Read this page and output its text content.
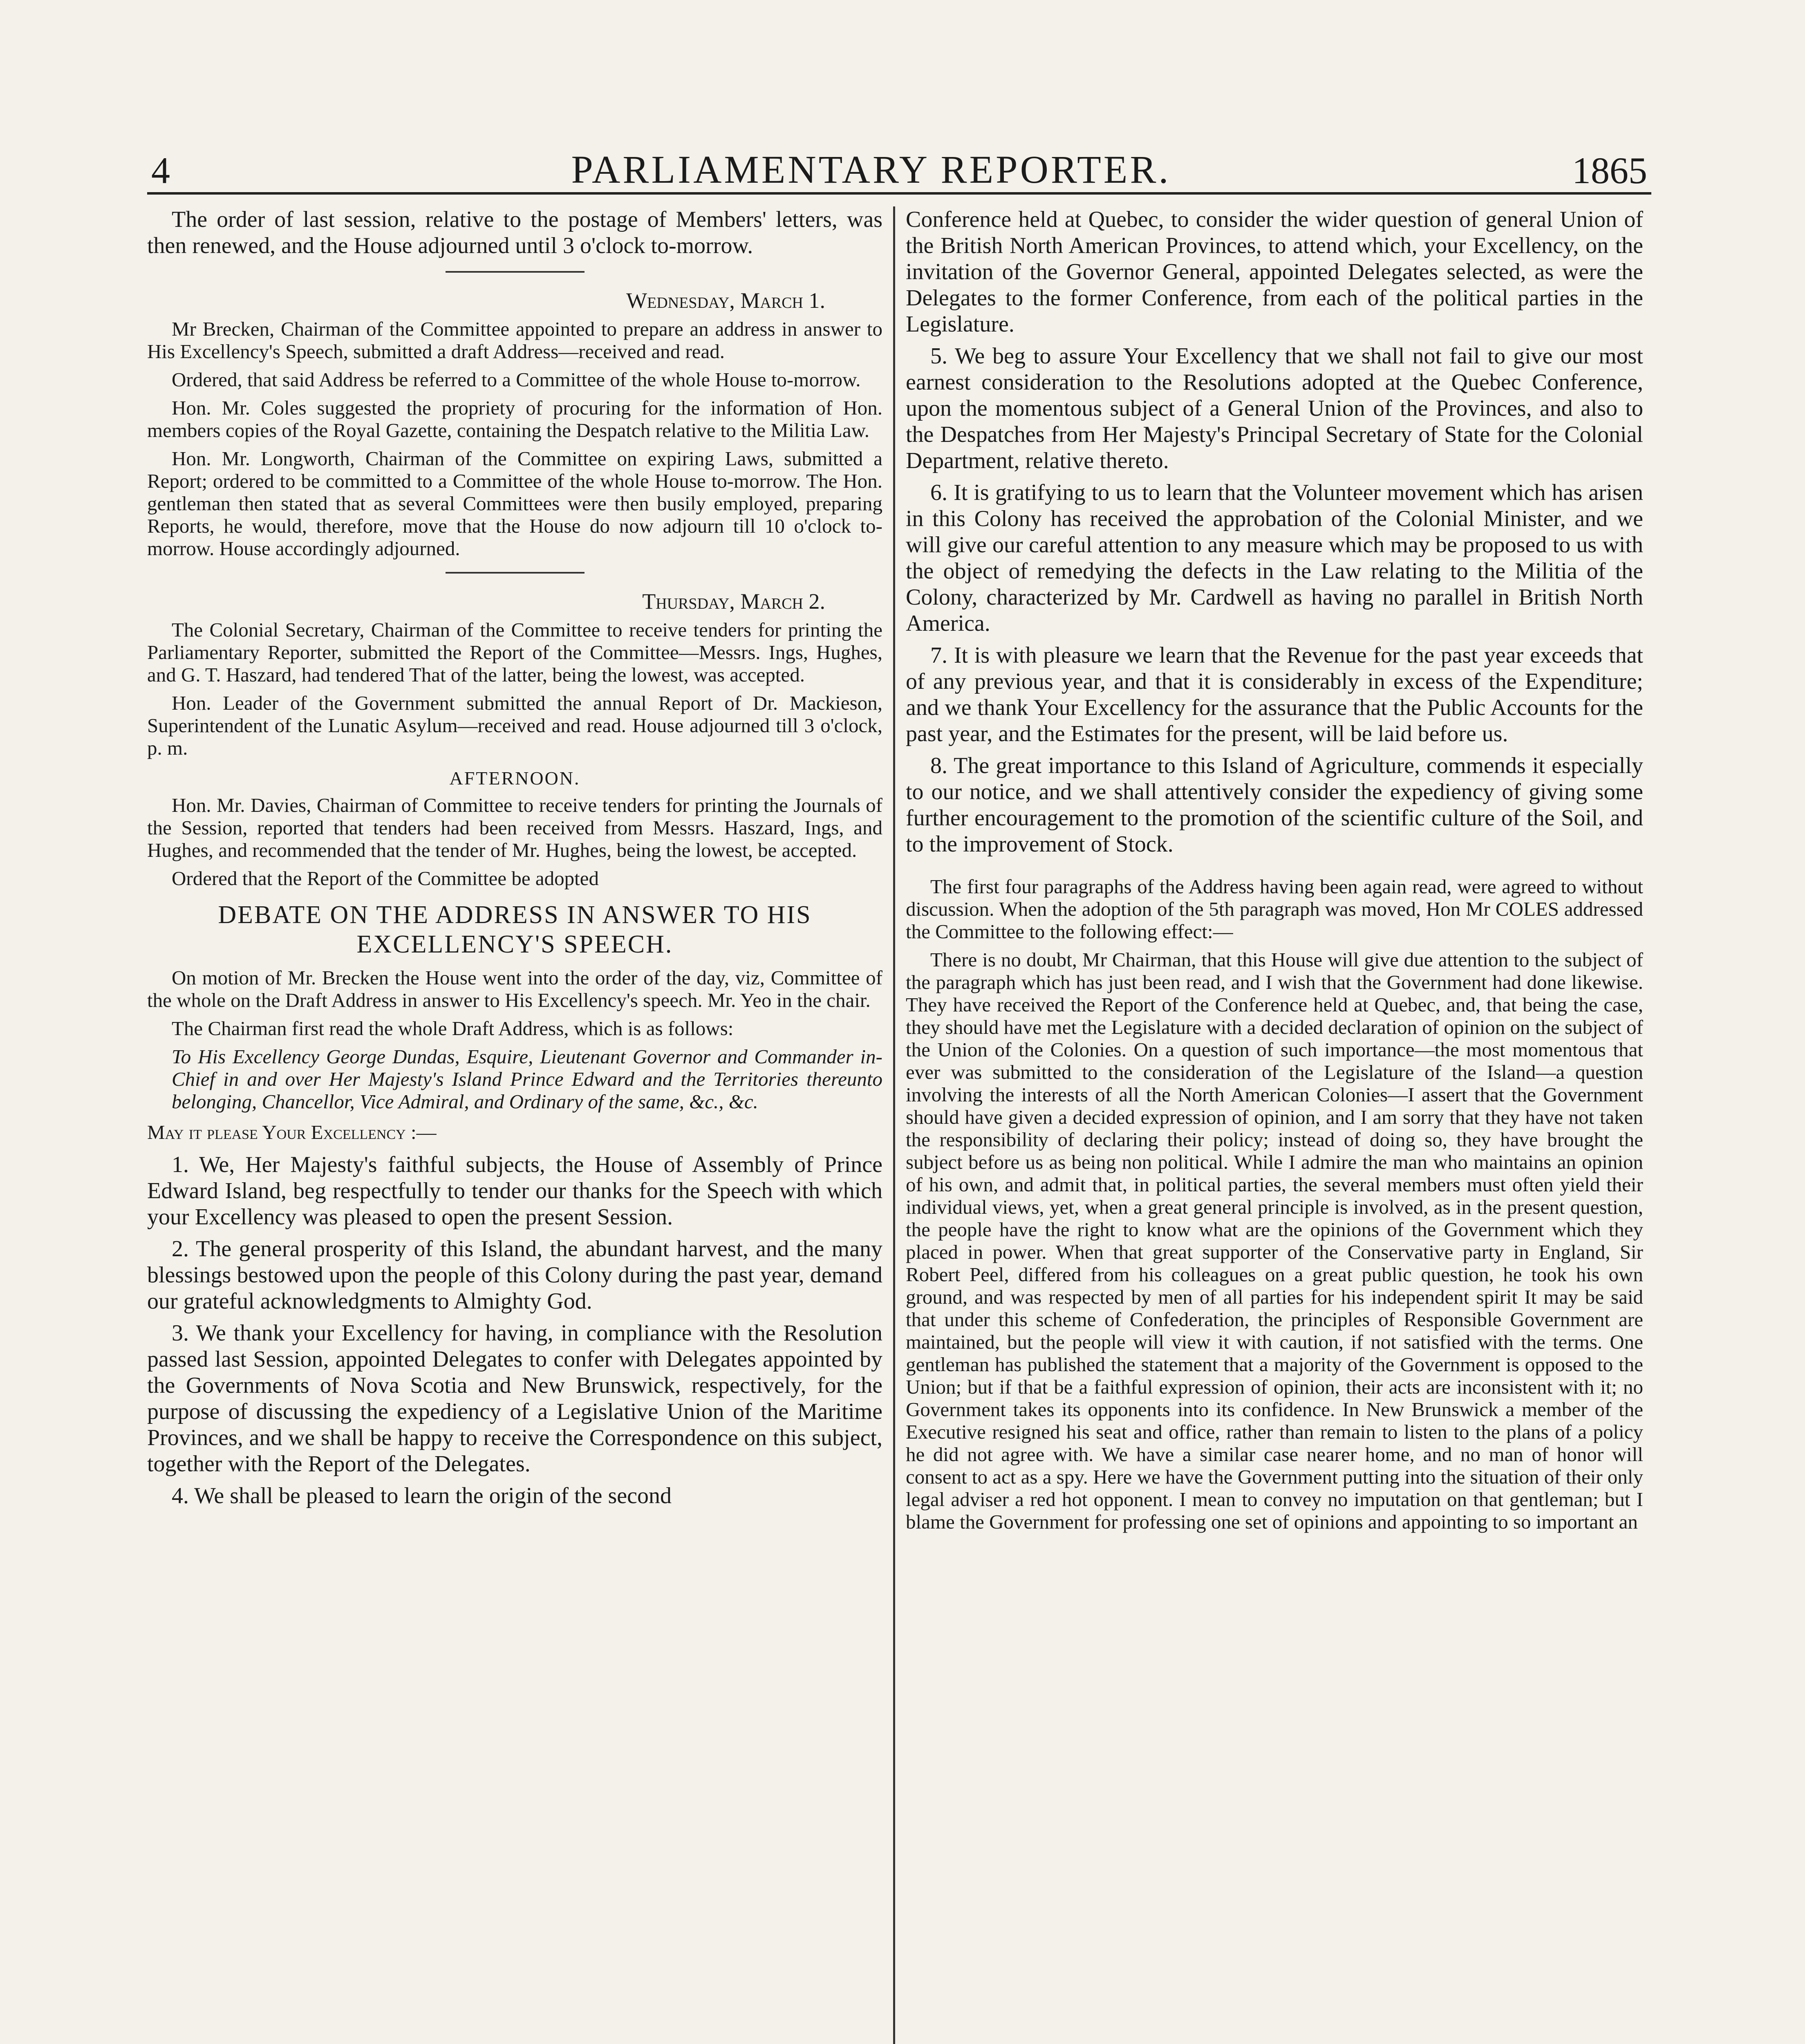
4	PARLIAMENTARY REPORTER.	1865

The order of last session, relative to the postage of Members' letters, was then renewed, and the House adjourned until 3 o'clock to-morrow.

Wednesday, March 1.

Mr Brecken, Chairman of the Committee appointed to prepare an address in answer to His Excellency's Speech, submitted a draft Address—received and read.

Ordered, that said Address be referred to a Committee of the whole House to-morrow.

Hon. Mr. Coles suggested the propriety of procuring for the information of Hon. members copies of the Royal Gazette, containing the Despatch relative to the Militia Law.

Hon. Mr. Longworth, Chairman of the Committee on expiring Laws, submitted a Report; ordered to be committed to a Committee of the whole House to-morrow. The Hon. gentleman then stated that as several Committees were then busily employed, preparing Reports, he would, therefore, move that the House do now adjourn till 10 o'clock to-morrow. House accordingly adjourned.

Thursday, March 2.

The Colonial Secretary, Chairman of the Committee to receive tenders for printing the Parliamentary Reporter, submitted the Report of the Committee—Messrs. Ings, Hughes, and G. T. Haszard, had tendered That of the latter, being the lowest, was accepted.

Hon. Leader of the Government submitted the annual Report of Dr. Mackieson, Superintendent of the Lunatic Asylum—received and read. House adjourned till 3 o'clock, p. m.

AFTERNOON.

Hon. Mr. Davies, Chairman of Committee to receive tenders for printing the Journals of the Session, reported that tenders had been received from Messrs. Haszard, Ings, and Hughes, and recommended that the tender of Mr. Hughes, being the lowest, be accepted.

Ordered that the Report of the Committee be adopted

DEBATE ON THE ADDRESS IN ANSWER TO HIS EXCELLENCY'S SPEECH.

On motion of Mr. Brecken the House went into the order of the day, viz, Committee of the whole on the Draft Address in answer to His Excellency's speech. Mr. Yeo in the chair.

The Chairman first read the whole Draft Address, which is as follows:

To His Excellency George Dundas, Esquire, Lieutenant Governor and Commander in-Chief in and over Her Majesty's Island Prince Edward and the Territories thereunto belonging, Chancellor, Vice Admiral, and Ordinary of the same, &c., &c.

May it please Your Excellency :—

1. We, Her Majesty's faithful subjects, the House of Assembly of Prince Edward Island, beg respectfully to tender our thanks for the Speech with which your Excellency was pleased to open the present Session.

2. The general prosperity of this Island, the abundant harvest, and the many blessings bestowed upon the people of this Colony during the past year, demand our grateful acknowledgments to Almighty God.

3. We thank your Excellency for having, in compliance with the Resolution passed last Session, appointed Delegates to confer with Delegates appointed by the Governments of Nova Scotia and New Brunswick, respectively, for the purpose of discussing the expediency of a Legislative Union of the Maritime Provinces, and we shall be happy to receive the Correspondence on this subject, together with the Report of the Delegates.

4. We shall be pleased to learn the origin of the second

Conference held at Quebec, to consider the wider question of general Union of the British North American Provinces, to attend which, your Excellency, on the invitation of the Governor General, appointed Delegates selected, as were the Delegates to the former Conference, from each of the political parties in the Legislature.

5. We beg to assure Your Excellency that we shall not fail to give our most earnest consideration to the Resolutions adopted at the Quebec Conference, upon the momentous subject of a General Union of the Provinces, and also to the Despatches from Her Majesty's Principal Secretary of State for the Colonial Department, relative thereto.

6. It is gratifying to us to learn that the Volunteer movement which has arisen in this Colony has received the approbation of the Colonial Minister, and we will give our careful attention to any measure which may be proposed to us with the object of remedying the defects in the Law relating to the Militia of the Colony, characterized by Mr. Cardwell as having no parallel in British North America.

7. It is with pleasure we learn that the Revenue for the past year exceeds that of any previous year, and that it is considerably in excess of the Expenditure; and we thank Your Excellency for the assurance that the Public Accounts for the past year, and the Estimates for the present, will be laid before us.

8. The great importance to this Island of Agriculture, commends it especially to our notice, and we shall attentively consider the expediency of giving some further encouragement to the promotion of the scientific culture of the Soil, and to the improvement of Stock.

The first four paragraphs of the Address having been again read, were agreed to without discussion. When the adoption of the 5th paragraph was moved, Hon Mr COLES addressed the Committee to the following effect:—

There is no doubt, Mr Chairman, that this House will give due attention to the subject of the paragraph which has just been read, and I wish that the Government had done likewise. They have received the Report of the Conference held at Quebec, and, that being the case, they should have met the Legislature with a decided declaration of opinion on the subject of the Union of the Colonies. On a question of such importance—the most momentous that ever was submitted to the consideration of the Legislature of the Island—a question involving the interests of all the North American Colonies—I assert that the Government should have given a decided expression of opinion, and I am sorry that they have not taken the responsibility of declaring their policy; instead of doing so, they have brought the subject before us as being non political. While I admire the man who maintains an opinion of his own, and admit that, in political parties, the several members must often yield their individual views, yet, when a great general principle is involved, as in the present question, the people have the right to know what are the opinions of the Government which they placed in power. When that great supporter of the Conservative party in England, Sir Robert Peel, differed from his colleagues on a great public question, he took his own ground, and was respected by men of all parties for his independent spirit It may be said that under this scheme of Confederation, the principles of Responsible Government are maintained, but the people will view it with caution, if not satisfied with the terms. One gentleman has published the statement that a majority of the Government is opposed to the Union; but if that be a faithful expression of opinion, their acts are inconsistent with it; no Government takes its opponents into its confidence. In New Brunswick a member of the Executive resigned his seat and office, rather than remain to listen to the plans of a policy he did not agree with. We have a similar case nearer home, and no man of honor will consent to act as a spy. Here we have the Government putting into the situation of their only legal adviser a red hot opponent. I mean to convey no imputation on that gentleman; but I blame the Government for professing one set of opinions and appointing to so important an
